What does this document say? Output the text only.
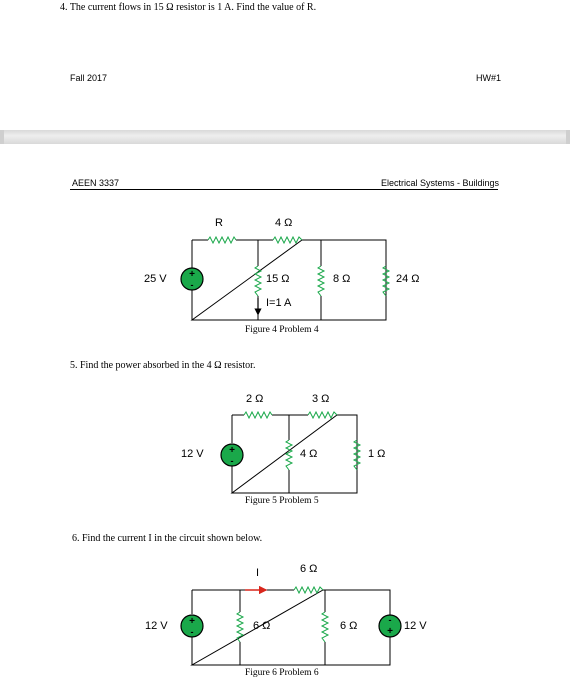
4. The current flows in 15 Ω resistor is 1 A. Find the value of R.
Fall 2017	HW#1
AEEN 3337	Electrical Systems - Buildings
+
-
+
-
+
-
-
+
R	4 Ω
25 V	15 Ω
I=1 A
8 Ω	24 Ω
Figure 4 Problem 4
5. Find the power absorbed in the 4 Ω resistor.
2 Ω	3 Ω
12 V	4 Ω	1 Ω
Figure 5 Problem 5
6. Find the current I in the circuit shown below.
I	6 Ω
12 V	6 Ω	6 Ω	12 V
Figure 6 Problem 6
